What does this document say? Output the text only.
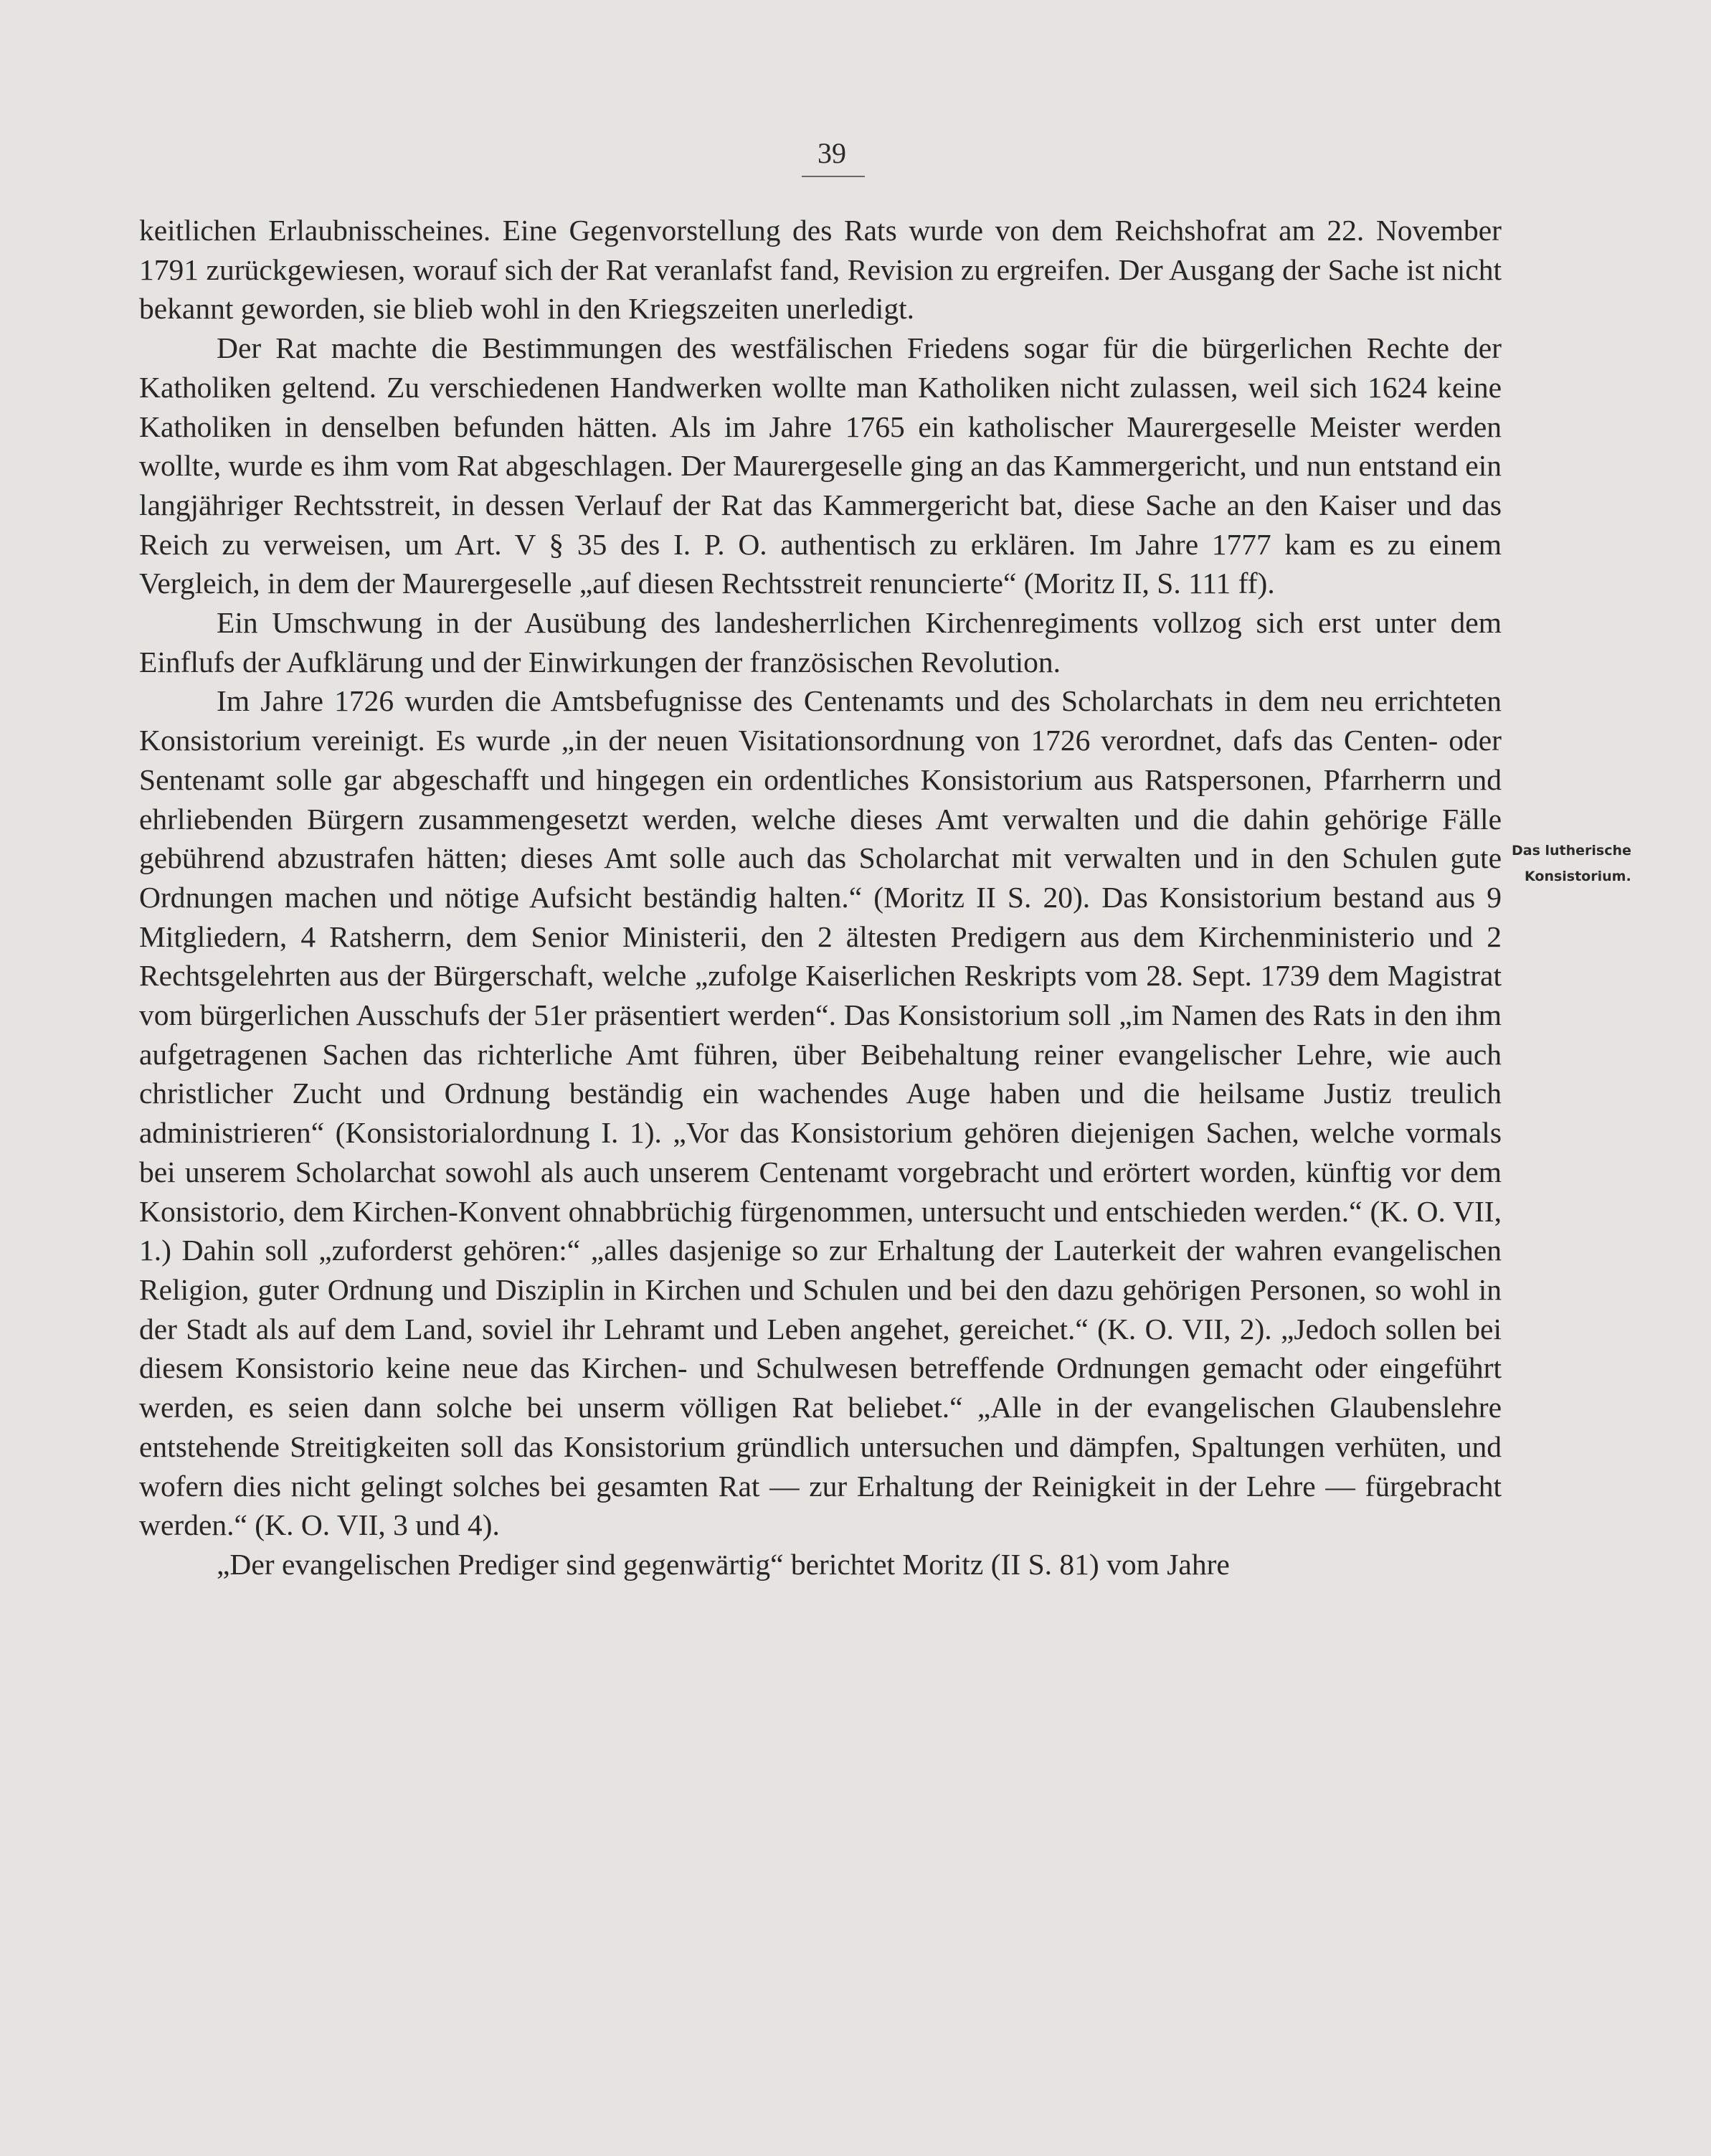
39

keitlichen Erlaubnisscheines. Eine Gegenvorstellung des Rats wurde von dem Reichshofrat am 22. November 1791 zurückgewiesen, worauf sich der Rat veranlafst fand, Revision zu ergreifen. Der Ausgang der Sache ist nicht bekannt geworden, sie blieb wohl in den Kriegszeiten unerledigt.

Der Rat machte die Bestimmungen des westfälischen Friedens sogar für die bürgerlichen Rechte der Katholiken geltend. Zu verschiedenen Handwerken wollte man Katholiken nicht zulassen, weil sich 1624 keine Katholiken in denselben befunden hätten. Als im Jahre 1765 ein katholischer Maurergeselle Meister werden wollte, wurde es ihm vom Rat abgeschlagen. Der Maurergeselle ging an das Kammergericht, und nun entstand ein langjähriger Rechtsstreit, in dessen Verlauf der Rat das Kammergericht bat, diese Sache an den Kaiser und das Reich zu verweisen, um Art. V § 35 des I. P. O. authentisch zu erklären. Im Jahre 1777 kam es zu einem Vergleich, in dem der Maurergeselle „auf diesen Rechtsstreit renuncierte“ (Moritz II, S. 111 ff).

Ein Umschwung in der Ausübung des landesherrlichen Kirchenregiments vollzog sich erst unter dem Einflufs der Aufklärung und der Einwirkungen der französischen Revolution.

Im Jahre 1726 wurden die Amtsbefugnisse des Centenamts und des Scholarchats in dem neu errichteten Konsistorium vereinigt. Es wurde „in der neuen Visitationsordnung von 1726 verordnet, dafs das Centen- oder Sentenamt solle gar abgeschafft und hingegen ein ordentliches Konsistorium aus Ratspersonen, Pfarrherrn und ehrliebenden Bürgern zusammengesetzt werden, welche dieses Amt verwalten und die dahin gehörige Fälle gebührend abzustrafen hätten; dieses Amt solle auch das Scholarchat mit verwalten und in den Schulen gute Ordnungen machen und nötige Aufsicht beständig halten.“ (Moritz II S. 20). Das Konsistorium bestand aus 9 Mitgliedern, 4 Ratsherrn, dem Senior Ministerii, den 2 ältesten Predigern aus dem Kirchenministerio und 2 Rechtsgelehrten aus der Bürgerschaft, welche „zufolge Kaiserlichen Reskripts vom 28. Sept. 1739 dem Magistrat vom bürgerlichen Ausschufs der 51er präsentiert werden“. Das Konsistorium soll „im Namen des Rats in den ihm aufgetragenen Sachen das richterliche Amt führen, über Beibehaltung reiner evangelischer Lehre, wie auch christlicher Zucht und Ordnung beständig ein wachendes Auge haben und die heilsame Justiz treulich administrieren“ (Konsistorialordnung I. 1). „Vor das Konsistorium gehören diejenigen Sachen, welche vormals bei unserem Scholarchat sowohl als auch unserem Centenamt vorgebracht und erörtert worden, künftig vor dem Konsistorio, dem Kirchen-Konvent ohnabbrüchig fürgenommen, untersucht und entschieden werden.“ (K. O. VII, 1.) Dahin soll „zuforderst gehören:“ „alles dasjenige so zur Erhaltung der Lauterkeit der wahren evangelischen Religion, guter Ordnung und Disziplin in Kirchen und Schulen und bei den dazu gehörigen Personen, so wohl in der Stadt als auf dem Land, soviel ihr Lehramt und Leben angehet, gereichet.“ (K. O. VII, 2). „Jedoch sollen bei diesem Konsistorio keine neue das Kirchen- und Schulwesen betreffende Ordnungen gemacht oder eingeführt werden, es seien dann solche bei unserm völligen Rat beliebet.“ „Alle in der evangelischen Glaubenslehre entstehende Streitigkeiten soll das Konsistorium gründlich untersuchen und dämpfen, Spaltungen verhüten, und wofern dies nicht gelingt solches bei gesamten Rat — zur Erhaltung der Reinigkeit in der Lehre — fürgebracht werden.“ (K. O. VII, 3 und 4).

„Der evangelischen Prediger sind gegenwärtig“ berichtet Moritz (II S. 81) vom Jahre

Das lutherische
Konsistorium.
